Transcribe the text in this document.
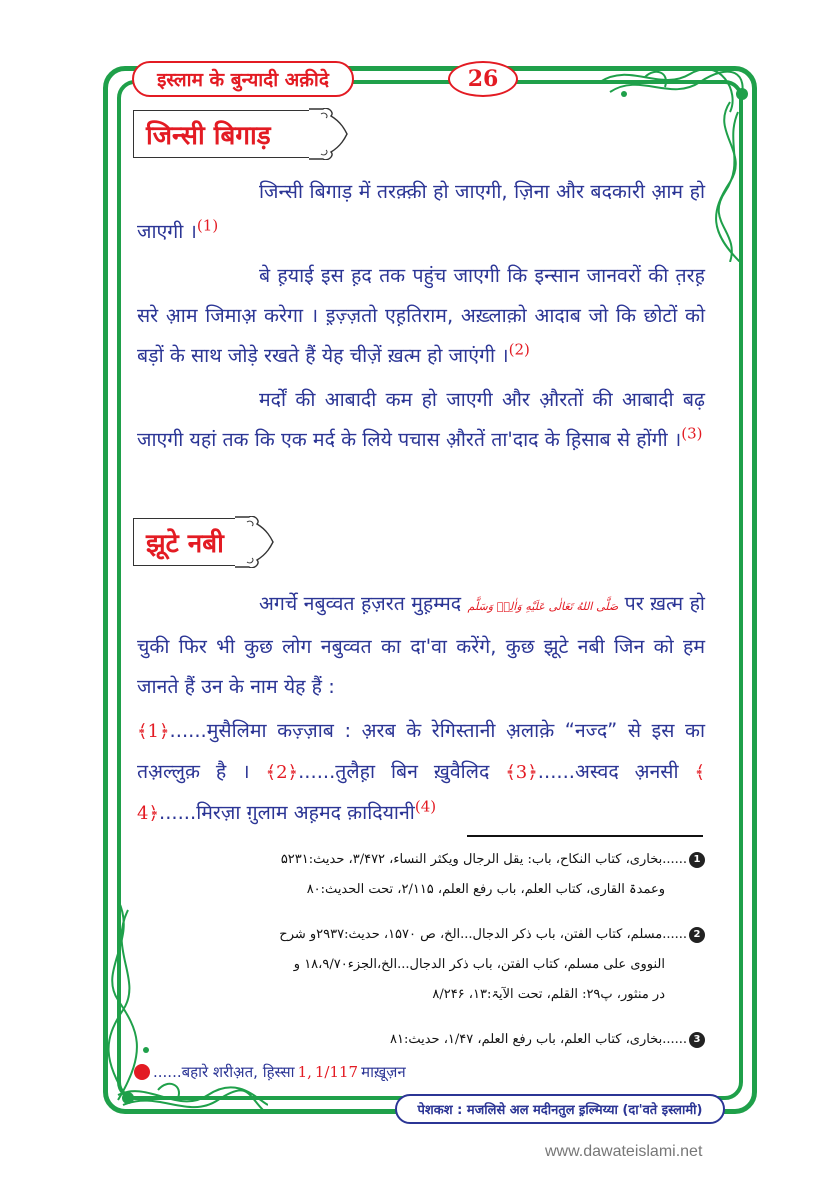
इस्लाम के बुन्यादी अक़ीदे	26
जिन्सी बिगाड़

जिन्सी बिगाड़ में तरक़्क़ी हो जाएगी, ज़िना और बदकारी आ़म हो जाएगी ।$^{(1)}$

बे ह़याई इस ह़द तक पहुंच जाएगी कि इन्सान जानवरों की त़रह़ सरे आ़म जिमाअ़ करेगा । इ़ज़्ज़तो एह़तिराम, अख़्लाक़ो आदाब जो कि छोटों को बड़ों के साथ जोड़े रखते हैं येह चीज़ें ख़त्म हो जाएंगी ।$^{(2)}$

मर्दों की आबादी कम हो जाएगी और औ़रतों की आबादी बढ़ जाएगी यहां तक कि एक मर्द के लिये पचास औ़रतें ता'दाद के ह़िसाब से होंगी ।$^{(3)}$

झूटे नबी

अगर्चे नबुव्वत ह़ज़रत मुह़म्मद صَلَّى اللهُ تَعَالٰى عَلَيْهِ وَاٰلِهٖ وَسَلَّم पर ख़त्म हो चुकी फिर भी कुछ लोग नबुव्वत का दा'वा करेंगे, कुछ झूटे नबी जिन को हम जानते हैं उन के नाम येह हैं :

﴾1﴿......मुसैलिमा कज़्ज़ाब : अ़रब के रेगिस्तानी अ़लाक़े “नज्द” से इस का तअ़ल्लुक़ है । ﴾2﴿......तुलैह़ा बिन ख़ुवैलिद ﴾3﴿......अस्वद अ़नसी ﴾4﴿......मिरज़ा ग़ुलाम अह़मद क़ादियानी$^{(4)}$

1......بخاری، کتاب النکاح، باب: یقل الرجال ویکثر النساء، ۳/۴۷۲، حدیث:۵۲۳۱
وعمدۃ القاری، کتاب العلم، باب رفع العلم، ۲/۱۱۵، تحت الحدیث:۸۰
2......مسلم، کتاب الفتن، باب ذکر الدجال...الخ، ص ۱۵۷۰، حدیث:۲۹۳۷و شرح
النووی علی مسلم، کتاب الفتن، باب ذکر الدجال...الخ،الجزء۱۸،۹/۷۰ و
در منثور، پ۲۹: القلم، تحت الآیۃ:۱۳، ۸/۲۴۶
3......بخاری، کتاب العلم، باب رفع العلم، ۱/۴۷، حدیث:۸۱
4 ......बहारे शरीअ़त, ह़िस्सा 1, 1/117 माख़ूज़न
पेशकश : मजलिसे अल मदीनतुल इ़ल्मिय्या (दा'वते इस्लामी)
www.dawateislami.net
